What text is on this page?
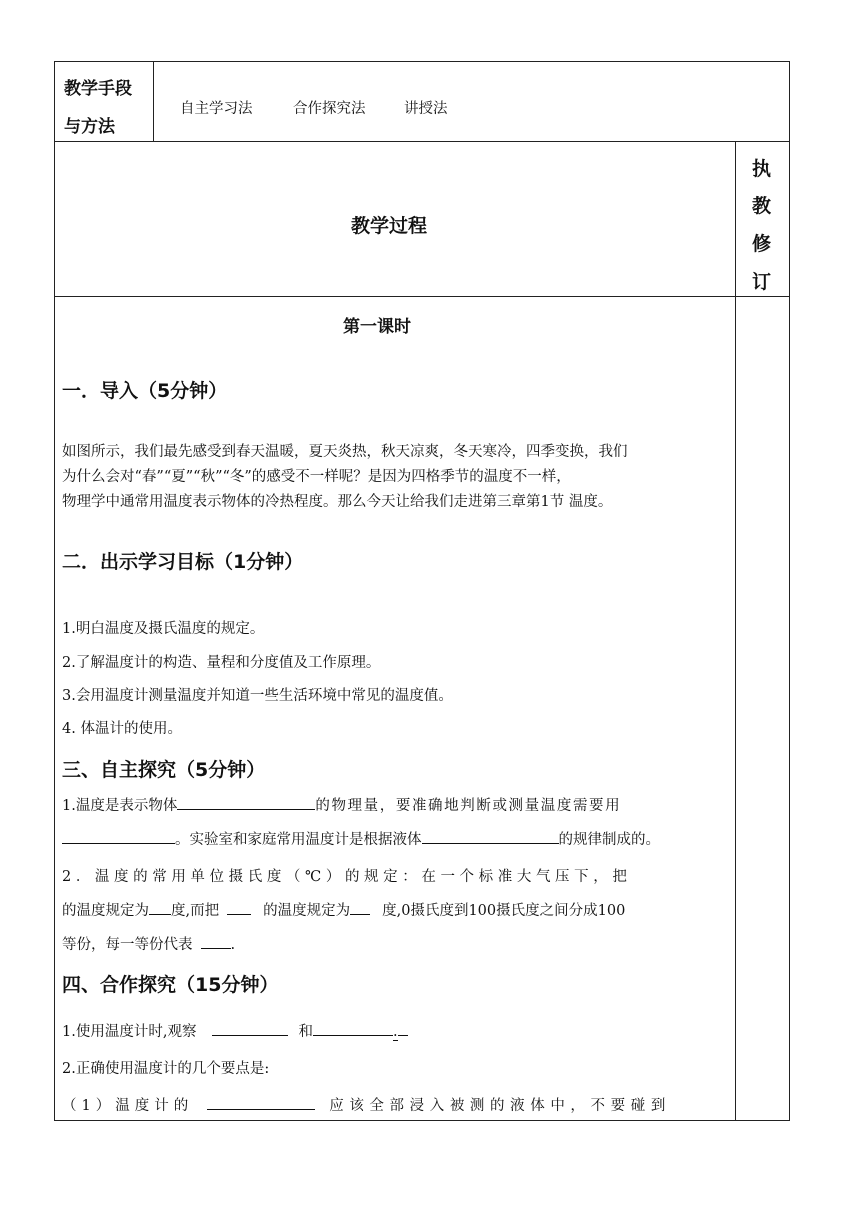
教学手段
与方法
自主学习法	合作探究法	讲授法
教学过程
执
教
修
订
第一课时
一．导入（5分钟）
如图所示，我们最先感受到春天温暖，夏天炎热，秋天凉爽，冬天寒冷，四季变换，我们
为什么会对“春”“夏”“秋”“冬”的感受不一样呢？是因为四格季节的温度不一样，
物理学中通常用温度表示物体的冷热程度。那么今天让给我们走进第三章第1节 温度。
二．出示学习目标（1分钟）
1.明白温度及摄氏温度的规定。
2.了解温度计的构造、量程和分度值及工作原理。
3.会用温度计测量温度并知道一些生活环境中常见的温度值。
4. 体温计的使用。
三、自主探究（5分钟）
1.温度是表示物体	的物理量，要准确地判断或测量温度需要用
。实验室和家庭常用温度计是根据液体	的规律制成的。
2．温度的常用单位摄氏度（℃）的规定：在一个标准大气压下，把
的温度规定为 度,而把	的温度规定为 度,0摄氏度到100摄氏度之间分成100
等份，每一等份代表	.
四、合作探究（15分钟）
1.使用温度计时,观察	和	.
2.正确使用温度计的几个要点是:
（1）温度计的	应该全部浸入被测的液体中，不要碰到
